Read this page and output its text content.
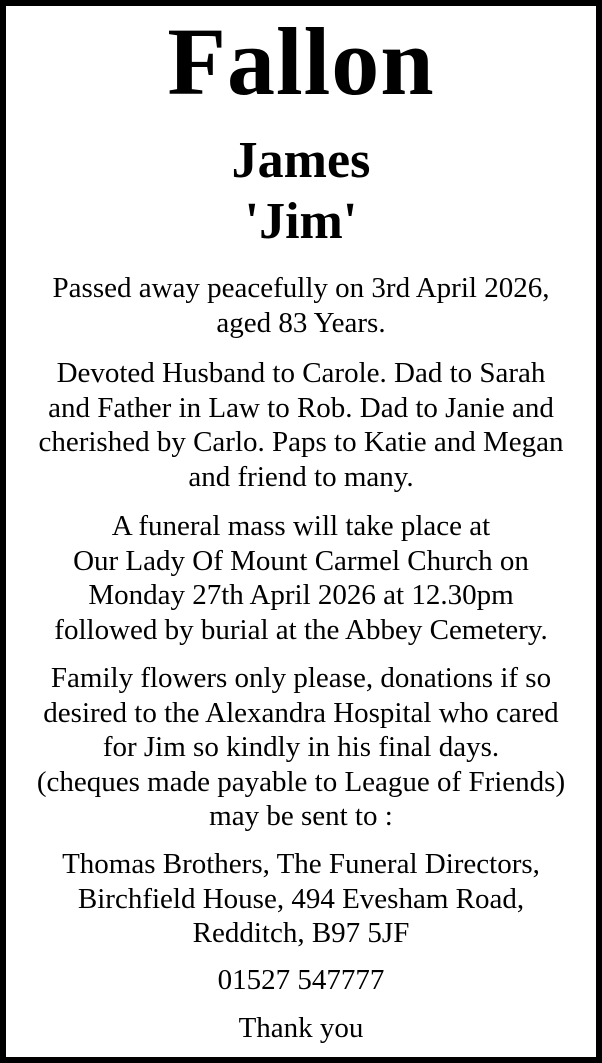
Fallon
James
'Jim'
Passed away peacefully on 3rd April 2026,
aged 83 Years.
Devoted Husband to Carole. Dad to Sarah
and Father in Law to Rob. Dad to Janie and
cherished by Carlo. Paps to Katie and Megan
and friend to many.
A funeral mass will take place at
Our Lady Of Mount Carmel Church on
Monday 27th April 2026 at 12.30pm
followed by burial at the Abbey Cemetery.
Family flowers only please, donations if so
desired to the Alexandra Hospital who cared
for Jim so kindly in his final days.
(cheques made payable to League of Friends)
may be sent to :
Thomas Brothers, The Funeral Directors,
Birchfield House, 494 Evesham Road,
Redditch, B97 5JF
01527 547777
Thank you
